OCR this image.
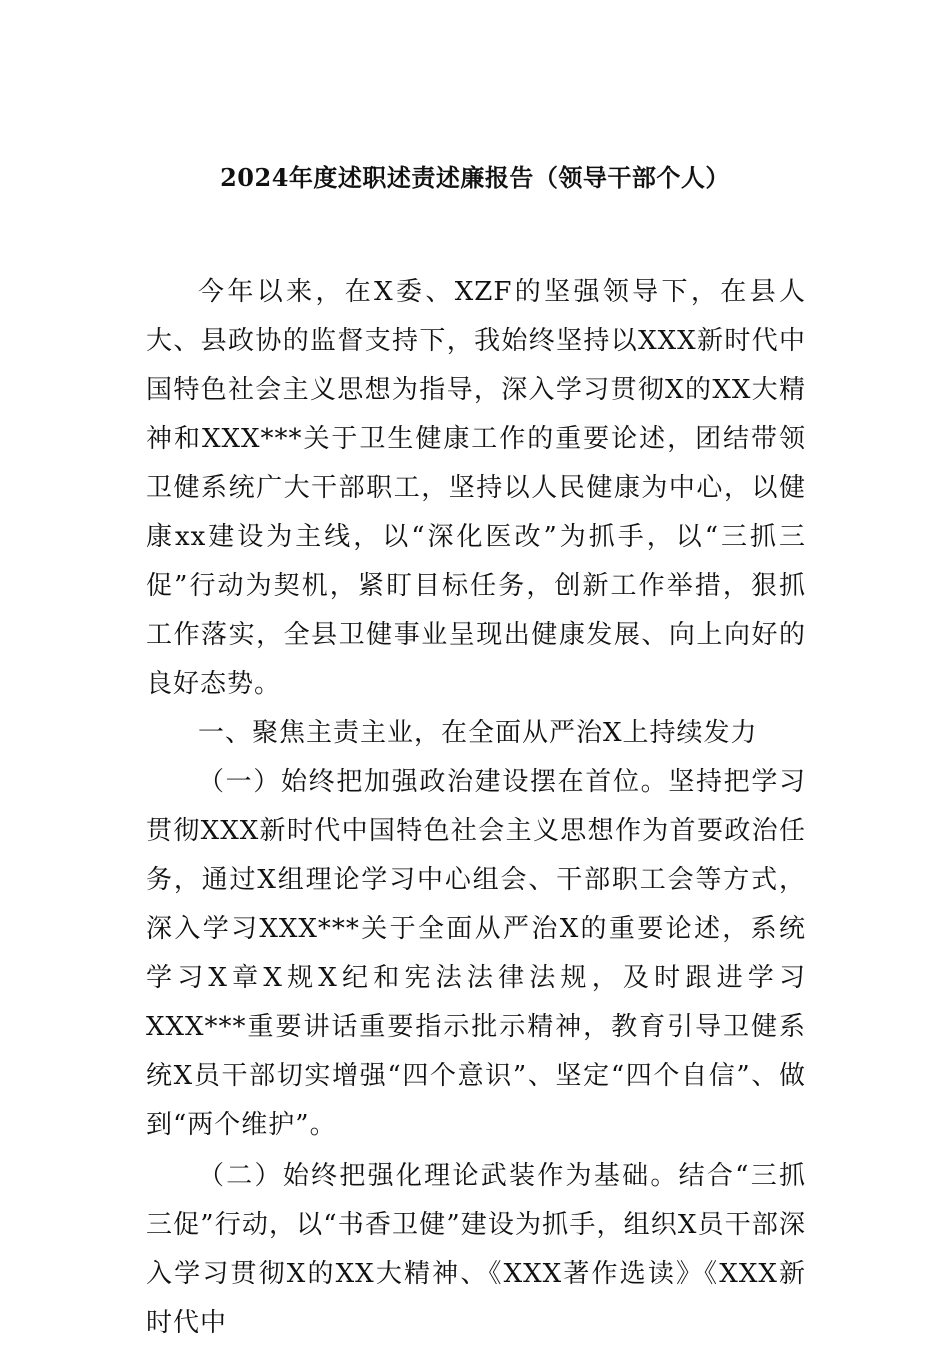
2024年度述职述责述廉报告（领导干部个人）

今年以来，在X委、XZF的坚强领导下，在县人大、县政协的监督支持下，我始终坚持以XXX新时代中国特色社会主义思想为指导，深入学习贯彻X的XX大精神和XXX***关于卫生健康工作的重要论述，团结带领卫健系统广大干部职工，坚持以人民健康为中心，以健康xx建设为主线，以“深化医改”为抓手，以“三抓三促”行动为契机，紧盯目标任务，创新工作举措，狠抓工作落实，全县卫健事业呈现出健康发展、向上向好的良好态势。

一、聚焦主责主业，在全面从严治X上持续发力

（一）始终把加强政治建设摆在首位。坚持把学习贯彻XXX新时代中国特色社会主义思想作为首要政治任务，通过X组理论学习中心组会、干部职工会等方式，深入学习XXX***关于全面从严治X的重要论述，系统学习X章X规X纪和宪法法律法规，及时跟进学习XXX***重要讲话重要指示批示精神，教育引导卫健系统X员干部切实增强“四个意识”、坚定“四个自信”、做到“两个维护”。

（二）始终把强化理论武装作为基础。结合“三抓三促”行动，以“书香卫健”建设为抓手，组织X员干部深入学习贯彻X的XX大精神、《XXX著作选读》《XXX新时代中
